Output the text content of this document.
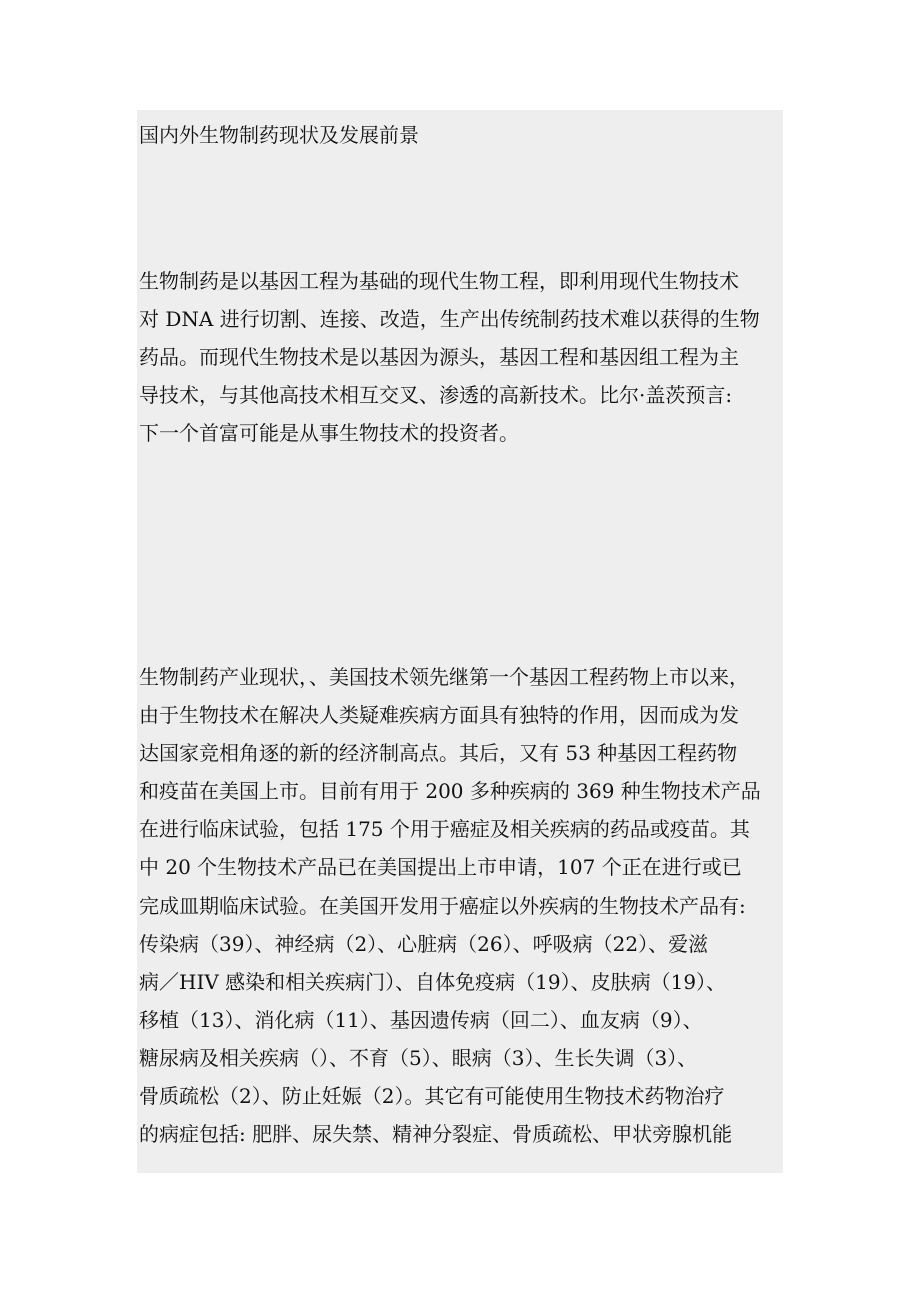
国内外生物制药现状及发展前景

生物制药是以基因工程为基础的现代生物工程，即利用现代生物技术
对 DNA 进行切割、连接、改造，生产出传统制药技术难以获得的生物
药品。而现代生物技术是以基因为源头，基因工程和基因组工程为主
导技术，与其他高技术相互交叉、渗透的高新技术。比尔·盖茨预言:
下一个首富可能是从事生物技术的投资者。

生物制药产业现状，、美国技术领先继第一个基因工程药物上市以来，
由于生物技术在解决人类疑难疾病方面具有独特的作用，因而成为发
达国家竞相角逐的新的经济制高点。其后，又有 53 种基因工程药物
和疫苗在美国上市。目前有用于 200 多种疾病的 369 种生物技术产品
在进行临床试验，包括 175 个用于癌症及相关疾病的药品或疫苗。其
中 20 个生物技术产品已在美国提出上市申请，107 个正在进行或已
完成皿期临床试验。在美国开发用于癌症以外疾病的生物技术产品有:
传染病（39）、神经病（2）、心脏病（26）、呼吸病（22）、爱滋
病／HIV 感染和相关疾病门）、自体免疫病（19）、皮肤病（19）、
移植（13）、消化病（11）、基因遗传病（回二）、血友病（9）、
糖尿病及相关疾病（）、不育（5）、眼病（3）、生长失调（3）、
骨质疏松（2）、防止妊娠（2）。其它有可能使用生物技术药物治疗
的病症包括: 肥胖、尿失禁、精神分裂症、骨质疏松、甲状旁腺机能
